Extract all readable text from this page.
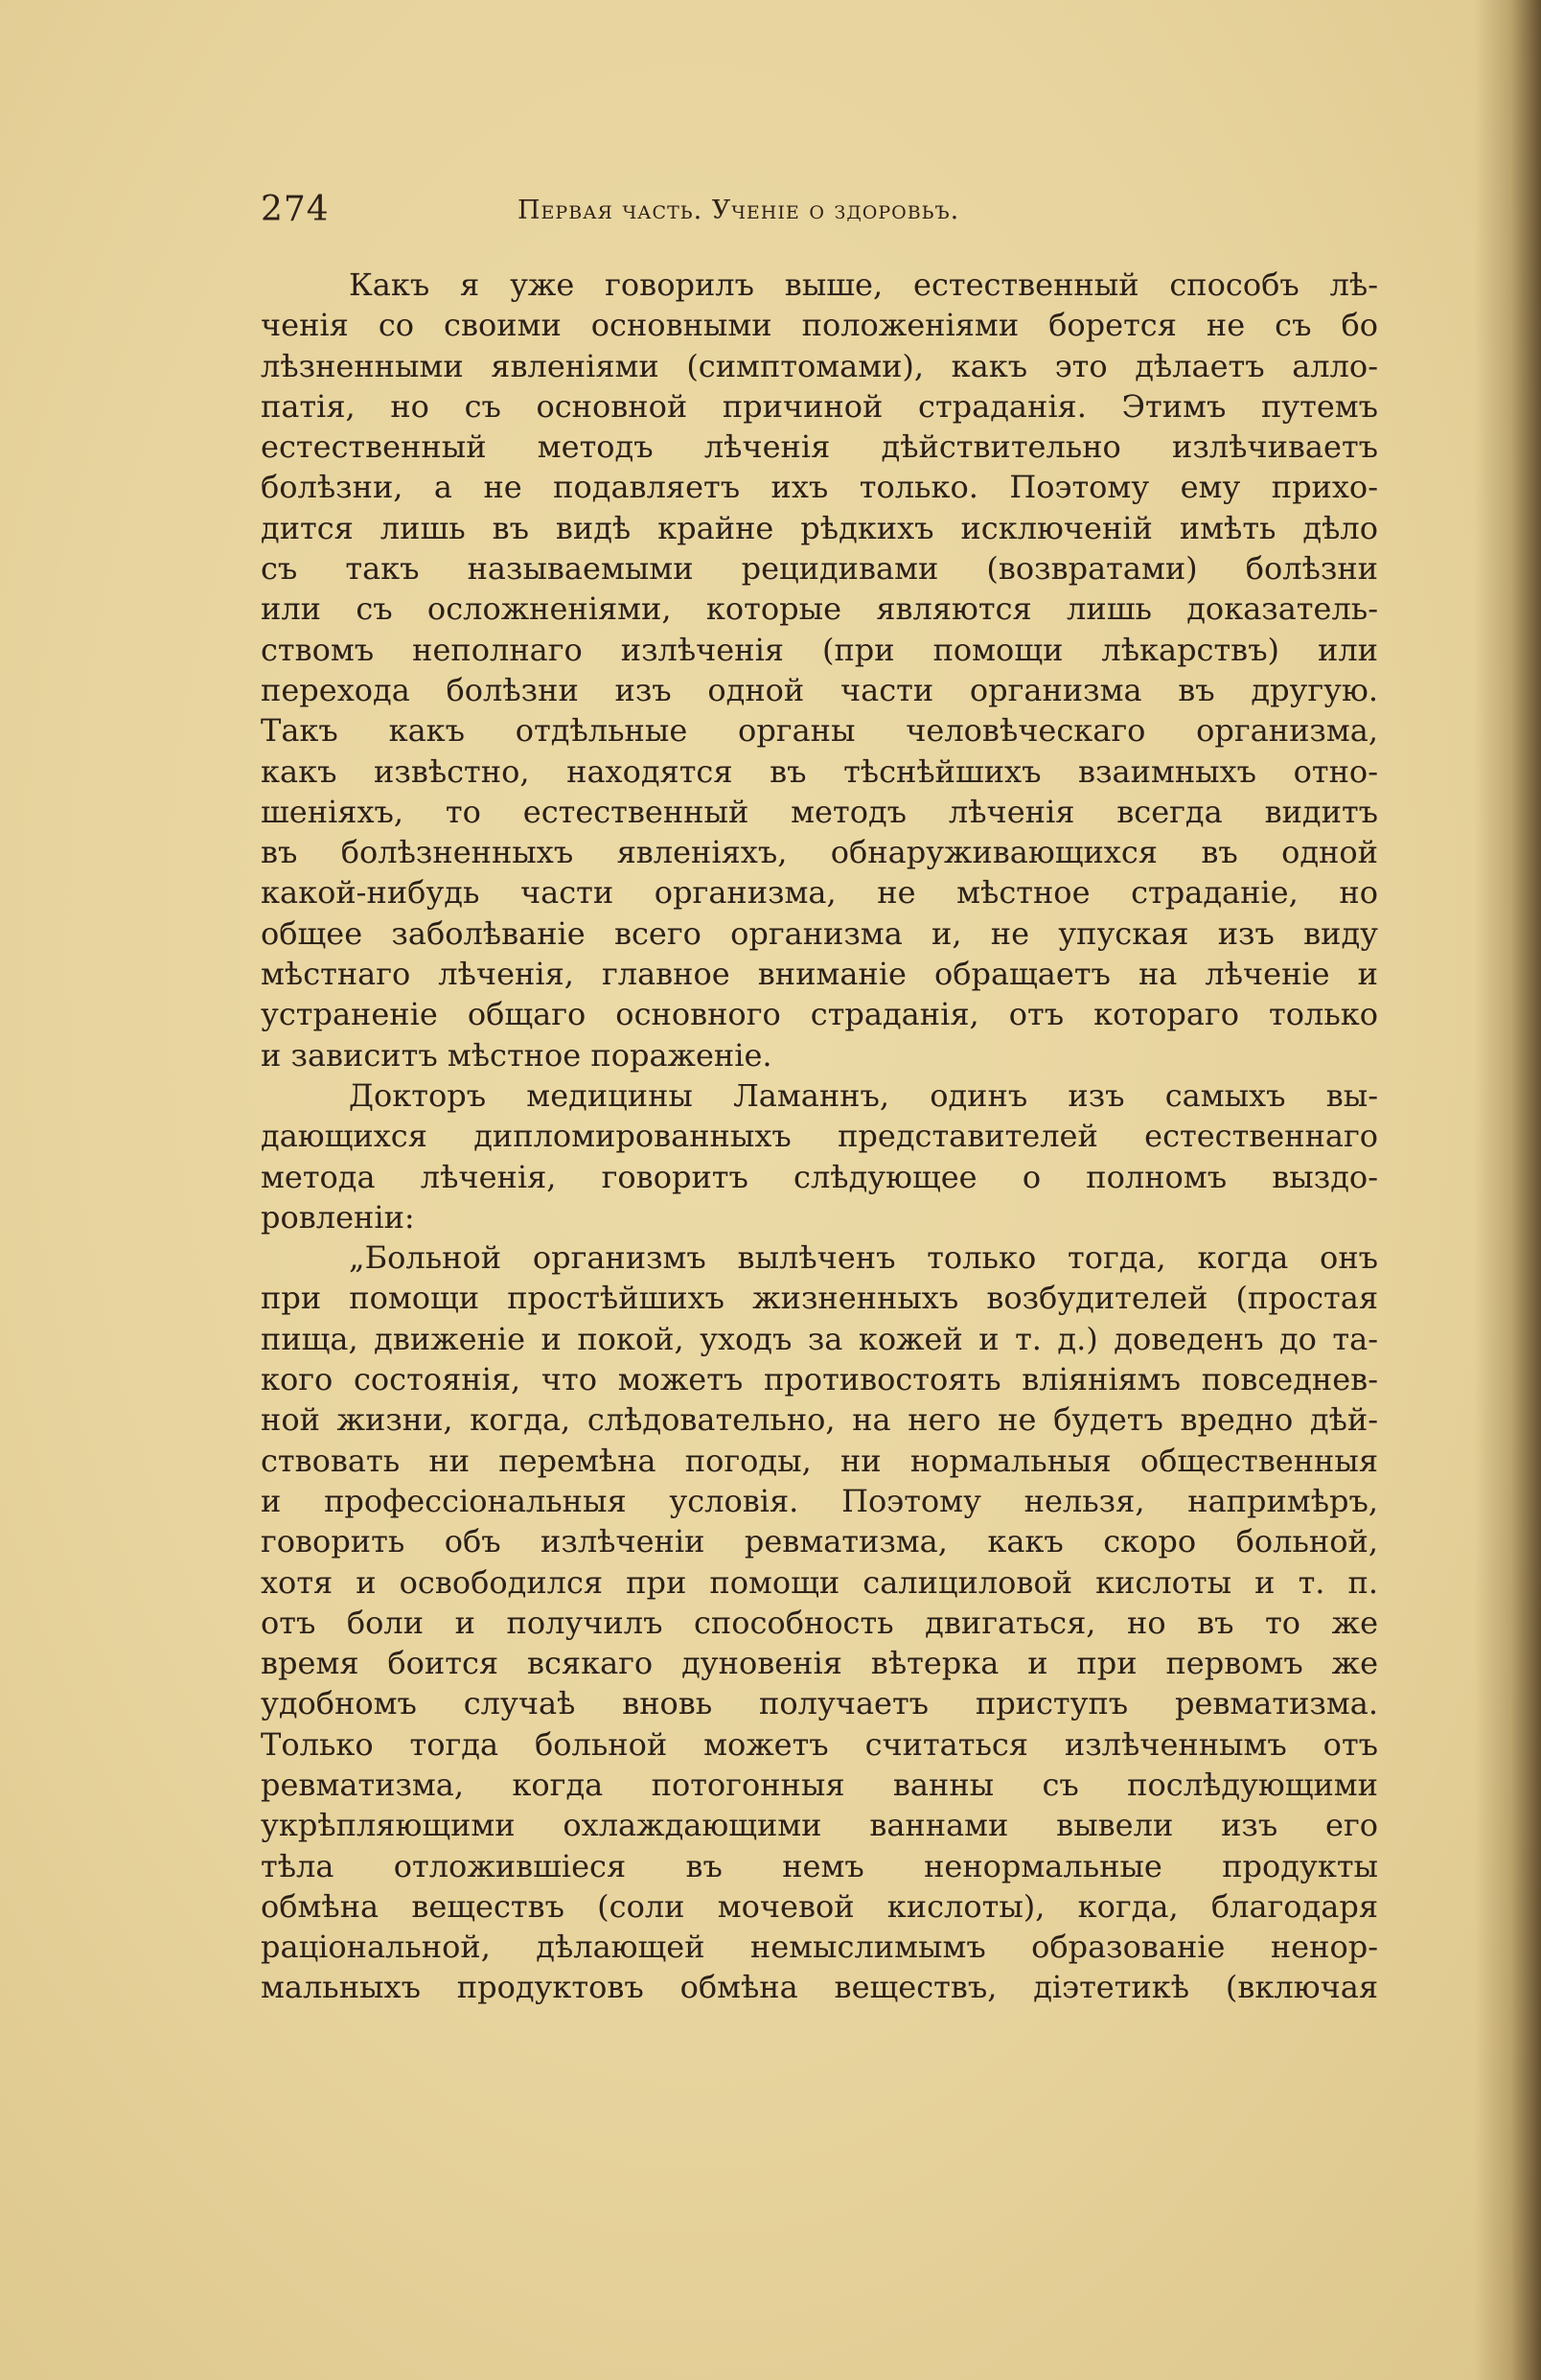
274	Первая часть. Ученіе о здоровьъ.
Какъ я уже говорилъ выше, естественный способъ лѣ-
ченія со своими основными положеніями борется не съ бо
лѣзненными явленіями (симптомами), какъ это дѣлаетъ алло-
патія, но съ основной причиной страданія. Этимъ путемъ
естественный методъ лѣченія дѣйствительно излѣчиваетъ
болѣзни, а не подавляетъ ихъ только. Поэтому ему прихо-
дится лишь въ видѣ крайне рѣдкихъ исключеній имѣть дѣло
съ такъ называемыми рецидивами (возвратами) болѣзни
или съ осложненіями, которые являются лишь доказатель-
ствомъ неполнаго излѣченія (при помощи лѣкарствъ) или
перехода болѣзни изъ одной части организма въ другую.
Такъ какъ отдѣльные органы человѣческаго организма,
какъ извѣстно, находятся въ тѣснѣйшихъ взаимныхъ отно-
шеніяхъ, то естественный методъ лѣченія всегда видитъ
въ болѣзненныхъ явленіяхъ, обнаруживающихся въ одной
какой-нибудь части организма, не мѣстное страданіе, но
общее заболѣваніе всего организма и, не упуская изъ виду
мѣстнаго лѣченія, главное вниманіе обращаетъ на лѣченіе и
устраненіе общаго основного страданія, отъ котораго только
и зависитъ мѣстное пораженіе.
Докторъ медицины Ламаннъ, одинъ изъ самыхъ вы-
дающихся дипломированныхъ представителей естественнаго
метода лѣченія, говоритъ слѣдующее о полномъ выздо-
ровленіи:
„Больной организмъ вылѣченъ только тогда, когда онъ
при помощи простѣйшихъ жизненныхъ возбудителей (простая
пища, движеніе и покой, уходъ за кожей и т. д.) доведенъ до та-
кого состоянія, что можетъ противостоять вліяніямъ повседнев-
ной жизни, когда, слѣдовательно, на него не будетъ вредно дѣй-
ствовать ни перемѣна погоды, ни нормальныя общественныя
и профессіональныя условія. Поэтому нельзя, напримѣръ,
говорить объ излѣченіи ревматизма, какъ скоро больной,
хотя и освободился при помощи салициловой кислоты и т. п.
отъ боли и получилъ способность двигаться, но въ то же
время боится всякаго дуновенія вѣтерка и при первомъ же
удобномъ случаѣ вновь получаетъ приступъ ревматизма.
Только тогда больной можетъ считаться излѣченнымъ отъ
ревматизма, когда потогонныя ванны съ послѣдующими
укрѣпляющими охлаждающими ваннами вывели изъ его
тѣла отложившіеся въ немъ ненормальные продукты
обмѣна веществъ (соли мочевой кислоты), когда, благодаря
раціональной, дѣлающей немыслимымъ образованіе ненор-
мальныхъ продуктовъ обмѣна веществъ, діэтетикѣ (включая
